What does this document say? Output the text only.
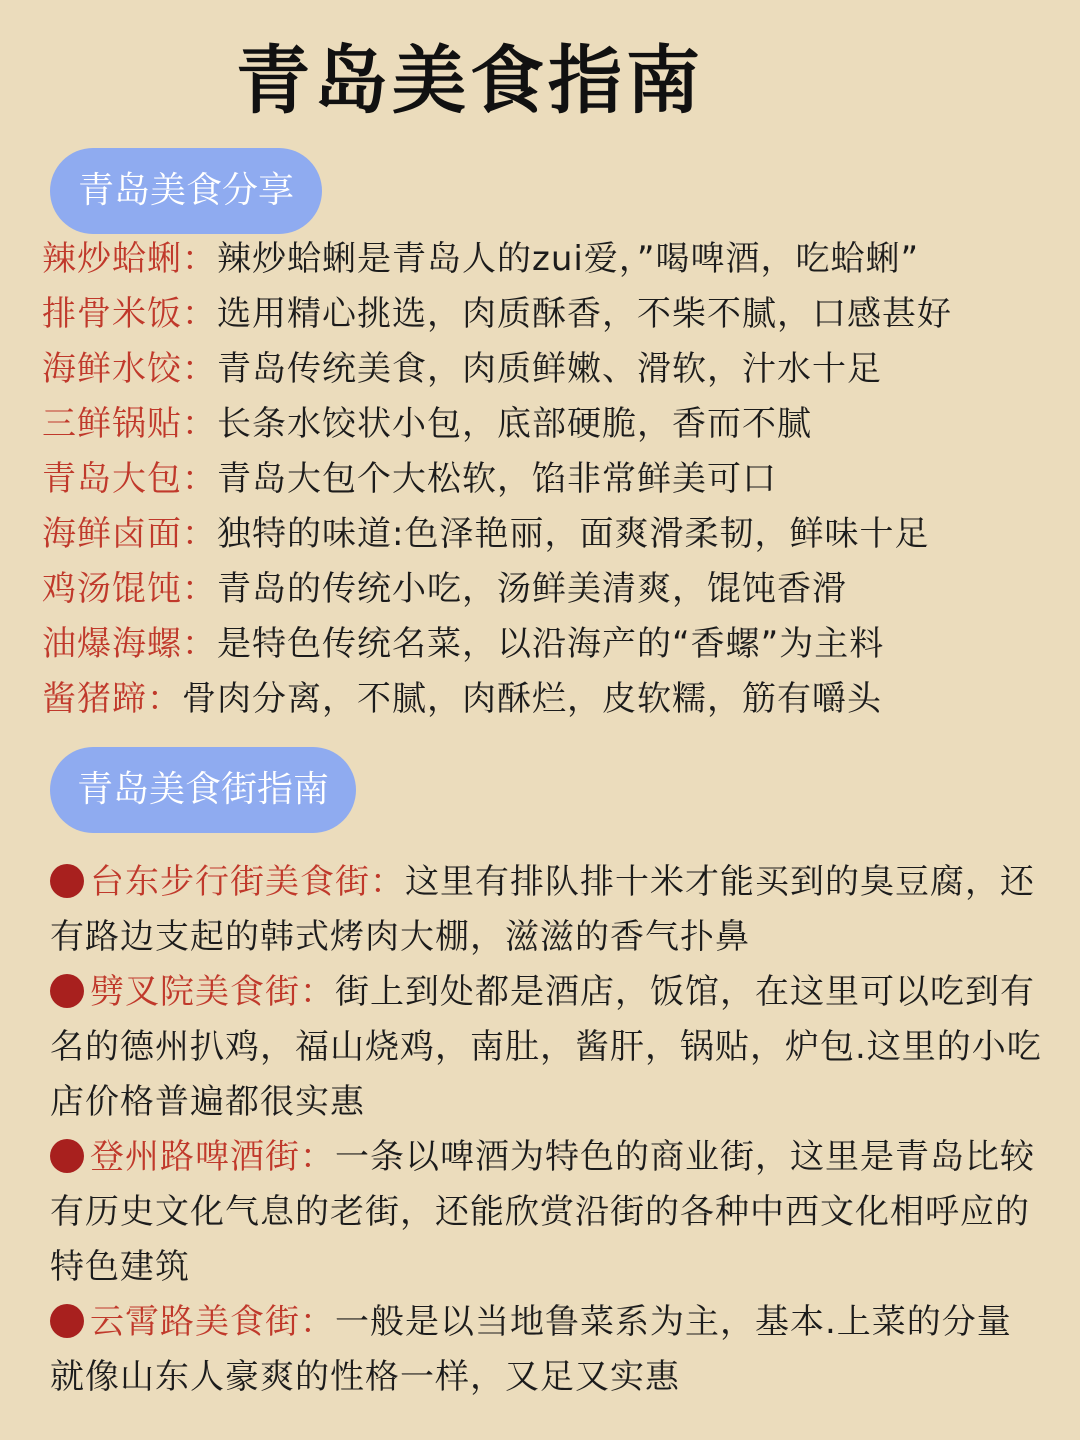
青岛美食指南
青岛美食分享
辣炒蛤蜊：辣炒蛤蜊是青岛人的zui爱，”喝啤酒，吃蛤蜊”
排骨米饭：选用精心挑选，肉质酥香，不柴不腻，口感甚好
海鲜水饺：青岛传统美食，肉质鲜嫩、滑软，汁水十足
三鲜锅贴：长条水饺状小包，底部硬脆，香而不腻
青岛大包：青岛大包个大松软，馅非常鲜美可口
海鲜卤面：独特的味道:色泽艳丽，面爽滑柔韧，鲜味十足
鸡汤馄饨：青岛的传统小吃，汤鲜美清爽，馄饨香滑
油爆海螺：是特色传统名菜，以沿海产的“香螺”为主料
酱猪蹄：骨肉分离，不腻，肉酥烂，皮软糯，筋有嚼头
青岛美食街指南
台东步行街美食街：这里有排队排十米才能买到的臭豆腐，还有路边支起的韩式烤肉大棚，滋滋的香气扑鼻
劈叉院美食街：街上到处都是酒店，饭馆，在这里可以吃到有名的德州扒鸡，福山烧鸡，南肚，酱肝，锅贴，炉包.这里的小吃店价格普遍都很实惠
登州路啤酒街：一条以啤酒为特色的商业街，这里是青岛比较有历史文化气息的老街，还能欣赏沿街的各种中西文化相呼应的特色建筑
云霄路美食街：一般是以当地鲁菜系为主，基本.上菜的分量就像山东人豪爽的性格一样，又足又实惠
